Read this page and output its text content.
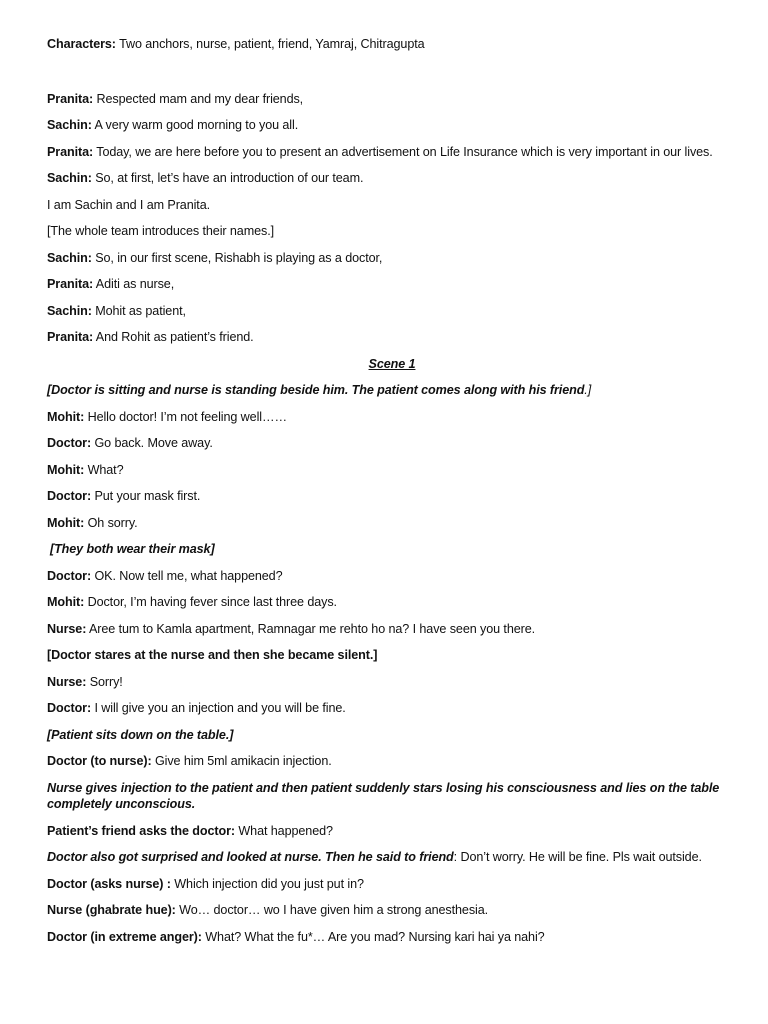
Characters: Two anchors, nurse, patient, friend, Yamraj, Chitragupta
Pranita: Respected mam and my dear friends,
Sachin: A very warm good morning to you all.
Pranita: Today, we are here before you to present an advertisement on Life Insurance which is very important in our lives.
Sachin: So, at first, let’s have an introduction of our team.
I am Sachin and I am Pranita.
[The whole team introduces their names.]
Sachin: So, in our first scene, Rishabh is playing as a doctor,
Pranita: Aditi as nurse,
Sachin: Mohit as patient,
Pranita: And Rohit as patient’s friend.
Scene 1
[Doctor is sitting and nurse is standing beside him. The patient comes along with his friend.]
Mohit: Hello doctor! I’m not feeling well……
Doctor: Go back. Move away.
Mohit: What?
Doctor: Put your mask first.
Mohit: Oh sorry.
[They both wear their mask]
Doctor: OK. Now tell me, what happened?
Mohit: Doctor, I’m having fever since last three days.
Nurse: Aree tum to Kamla apartment, Ramnagar me rehto ho na? I have seen you there.
[Doctor stares at the nurse and then she became silent.]
Nurse: Sorry!
Doctor: I will give you an injection and you will be fine.
[Patient sits down on the table.]
Doctor (to nurse): Give him 5ml amikacin injection.
Nurse gives injection to the patient and then patient suddenly stars losing his consciousness and lies on the table completely unconscious.
Patient’s friend asks the doctor: What happened?
Doctor also got surprised and looked at nurse. Then he said to friend: Don’t worry. He will be fine. Pls wait outside.
Doctor (asks nurse) : Which injection did you just put in?
Nurse (ghabrate hue): Wo… doctor… wo I have given him a strong anesthesia.
Doctor (in extreme anger): What? What the fu*… Are you mad? Nursing kari hai ya nahi?
